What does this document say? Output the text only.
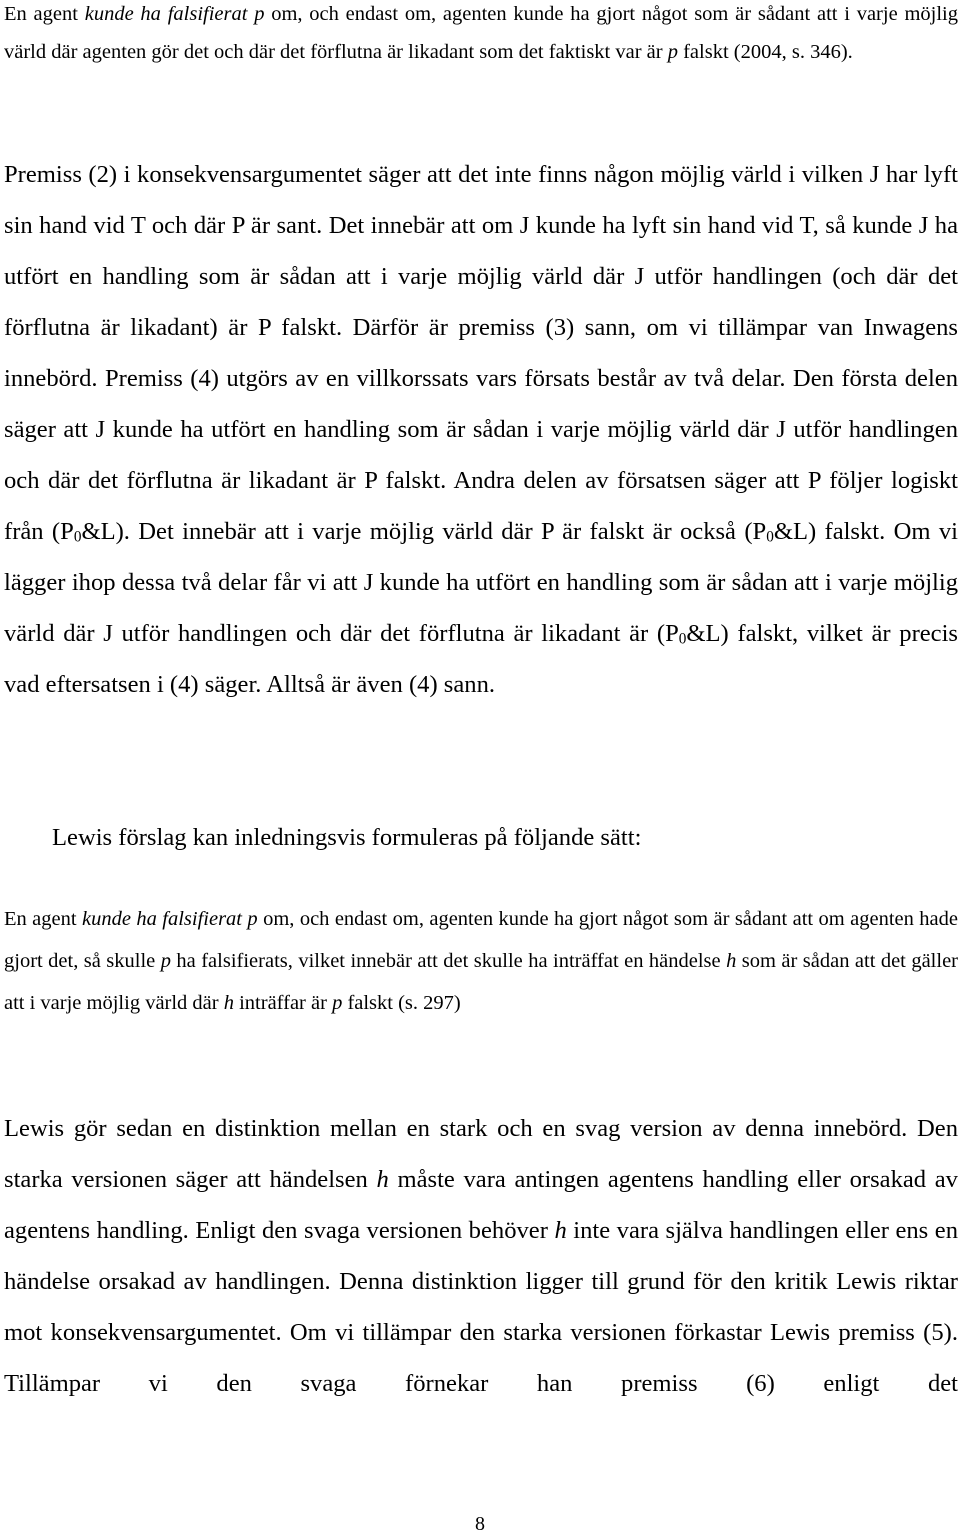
En agent kunde ha falsifierat p om, och endast om, agenten kunde ha gjort något som är sådant att i varje möjlig värld där agenten gör det och där det förflutna är likadant som det faktiskt var är p falskt (2004, s. 346).

Premiss (2) i konsekvensargumentet säger att det inte finns någon möjlig värld i vilken J har lyft sin hand vid T och där P är sant. Det innebär att om J kunde ha lyft sin hand vid T, så kunde J ha utfört en handling som är sådan att i varje möjlig värld där J utför handlingen (och där det förflutna är likadant) är P falskt. Därför är premiss (3) sann, om vi tillämpar van Inwagens innebörd. Premiss (4) utgörs av en villkorssats vars försats består av två delar. Den första delen säger att J kunde ha utfört en handling som är sådan i varje möjlig värld där J utför handlingen och där det förflutna är likadant är P falskt. Andra delen av försatsen säger att P följer logiskt från $(P_0\&L)$. Det innebär att i varje möjlig värld där P är falskt är också $(P_0\&L)$ falskt. Om vi lägger ihop dessa två delar får vi att J kunde ha utfört en handling som är sådan att i varje möjlig värld där J utför handlingen och där det förflutna är likadant är $(P_0\&L)$ falskt, vilket är precis vad eftersatsen i (4) säger. Alltså är även (4) sann.

Lewis förslag kan inledningsvis formuleras på följande sätt:

En agent kunde ha falsifierat p om, och endast om, agenten kunde ha gjort något som är sådant att om agenten hade gjort det, så skulle p ha falsifierats, vilket innebär att det skulle ha inträffat en händelse h som är sådan att det gäller att i varje möjlig värld där h inträffar är p falskt (s. 297)

Lewis gör sedan en distinktion mellan en stark och en svag version av denna innebörd. Den starka versionen säger att händelsen h måste vara antingen agentens handling eller orsakad av agentens handling. Enligt den svaga versionen behöver h inte vara själva handlingen eller ens en händelse orsakad av handlingen. Denna distinktion ligger till grund för den kritik Lewis riktar mot konsekvensargumentet. Om vi tillämpar den starka versionen förkastar Lewis premiss (5). Tillämpar vi den svaga förnekar han premiss (6) enligt det

8
